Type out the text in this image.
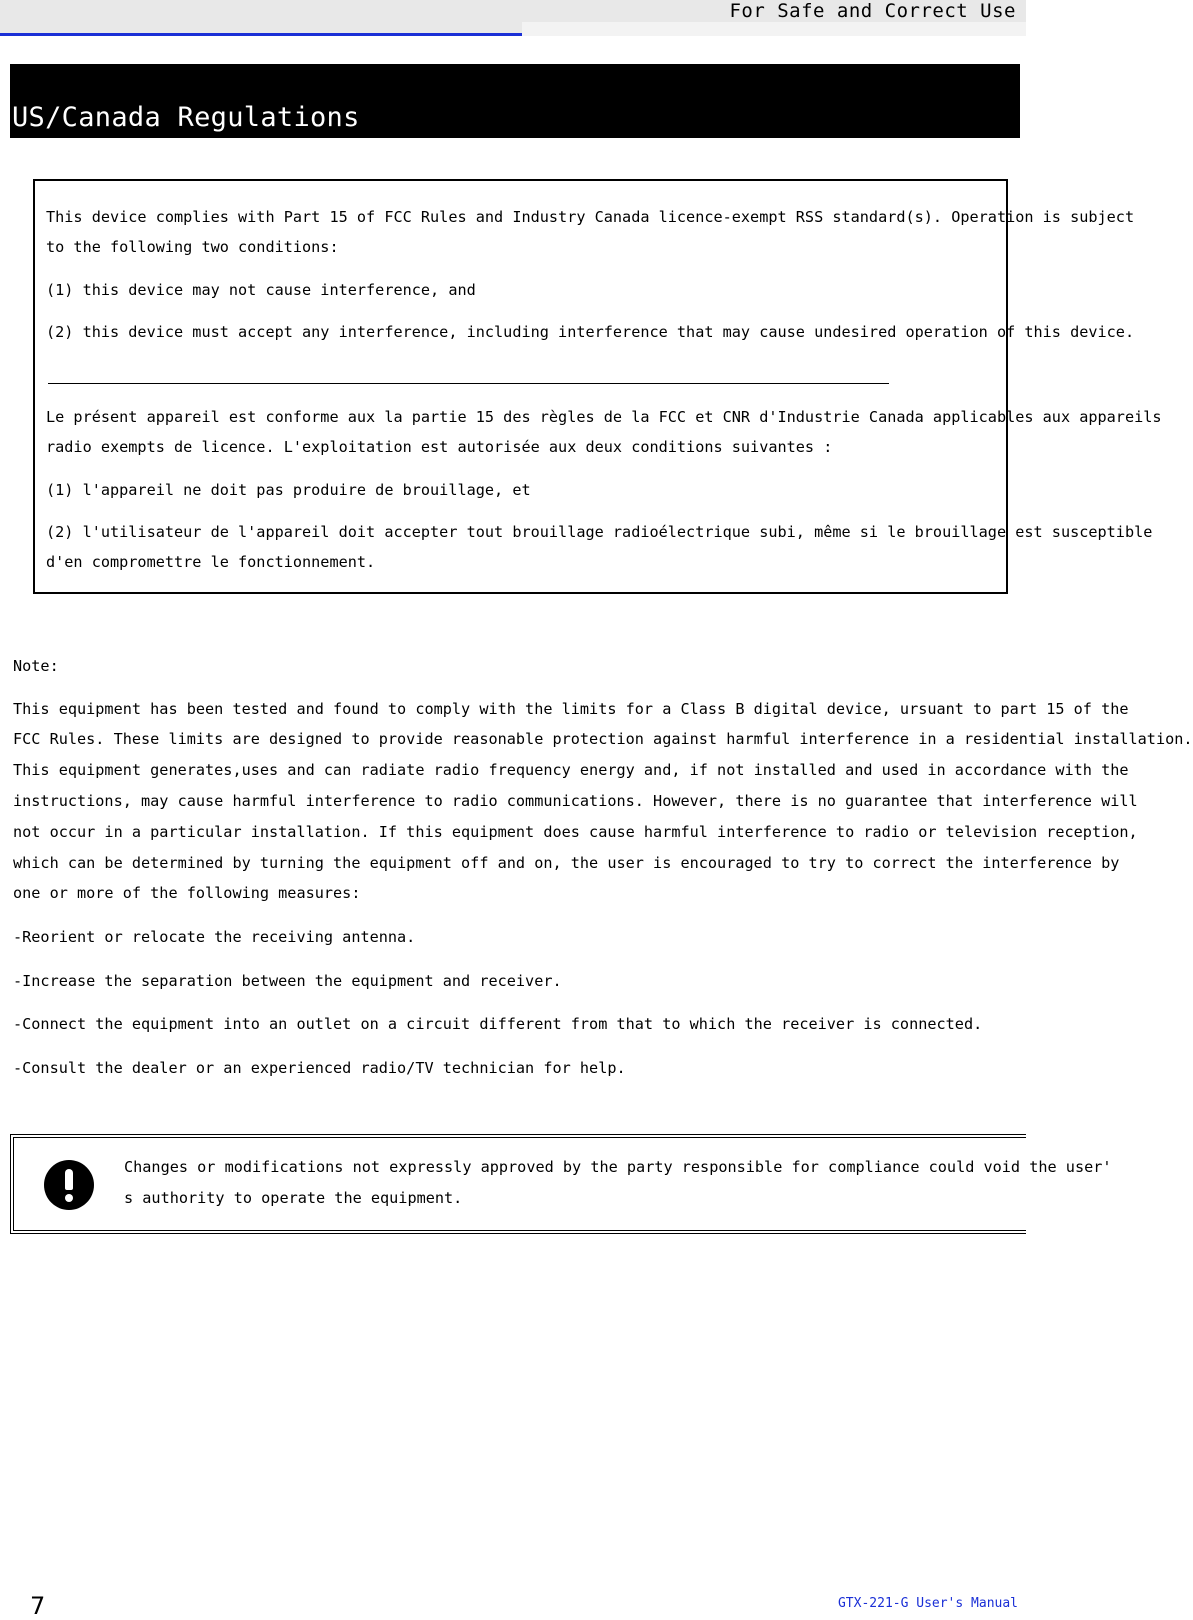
For Safe and Correct Use
US/Canada Regulations
This device complies with Part 15 of FCC Rules and Industry Canada licence-exempt RSS standard(s). Operation is subject
to the following two conditions:
(1) this device may not cause interference, and
(2) this device must accept any interference, including interference that may cause undesired operation of this device.
Le présent appareil est conforme aux la partie 15 des règles de la FCC et CNR d'Industrie Canada applicables aux appareils
radio exempts de licence. L'exploitation est autorisée aux deux conditions suivantes :
(1) l'appareil ne doit pas produire de brouillage, et
(2) l'utilisateur de l'appareil doit accepter tout brouillage radioélectrique subi, même si le brouillage est susceptible
d'en compromettre le fonctionnement.
Note:
This equipment has been tested and found to comply with the limits for a Class B digital device, ursuant to part 15 of the
FCC Rules. These limits are designed to provide reasonable protection against harmful interference in a residential installation.
This equipment generates,uses and can radiate radio frequency energy and, if not installed and used in accordance with the
instructions, may cause harmful interference to radio communications. However, there is no guarantee that interference will
not occur in a particular installation. If this equipment does cause harmful interference to radio or television reception,
which can be determined by turning the equipment off and on, the user is encouraged to try to correct the interference by
one or more of the following measures:
-Reorient or relocate the receiving antenna.
-Increase the separation between the equipment and receiver.
-Connect the equipment into an outlet on a circuit different from that to which the receiver is connected.
-Consult the dealer or an experienced radio/TV technician for help.
Changes or modifications not expressly approved by the party responsible for compliance could void the user'
s authority to operate the equipment.
7	GTX-221-G User's Manual
